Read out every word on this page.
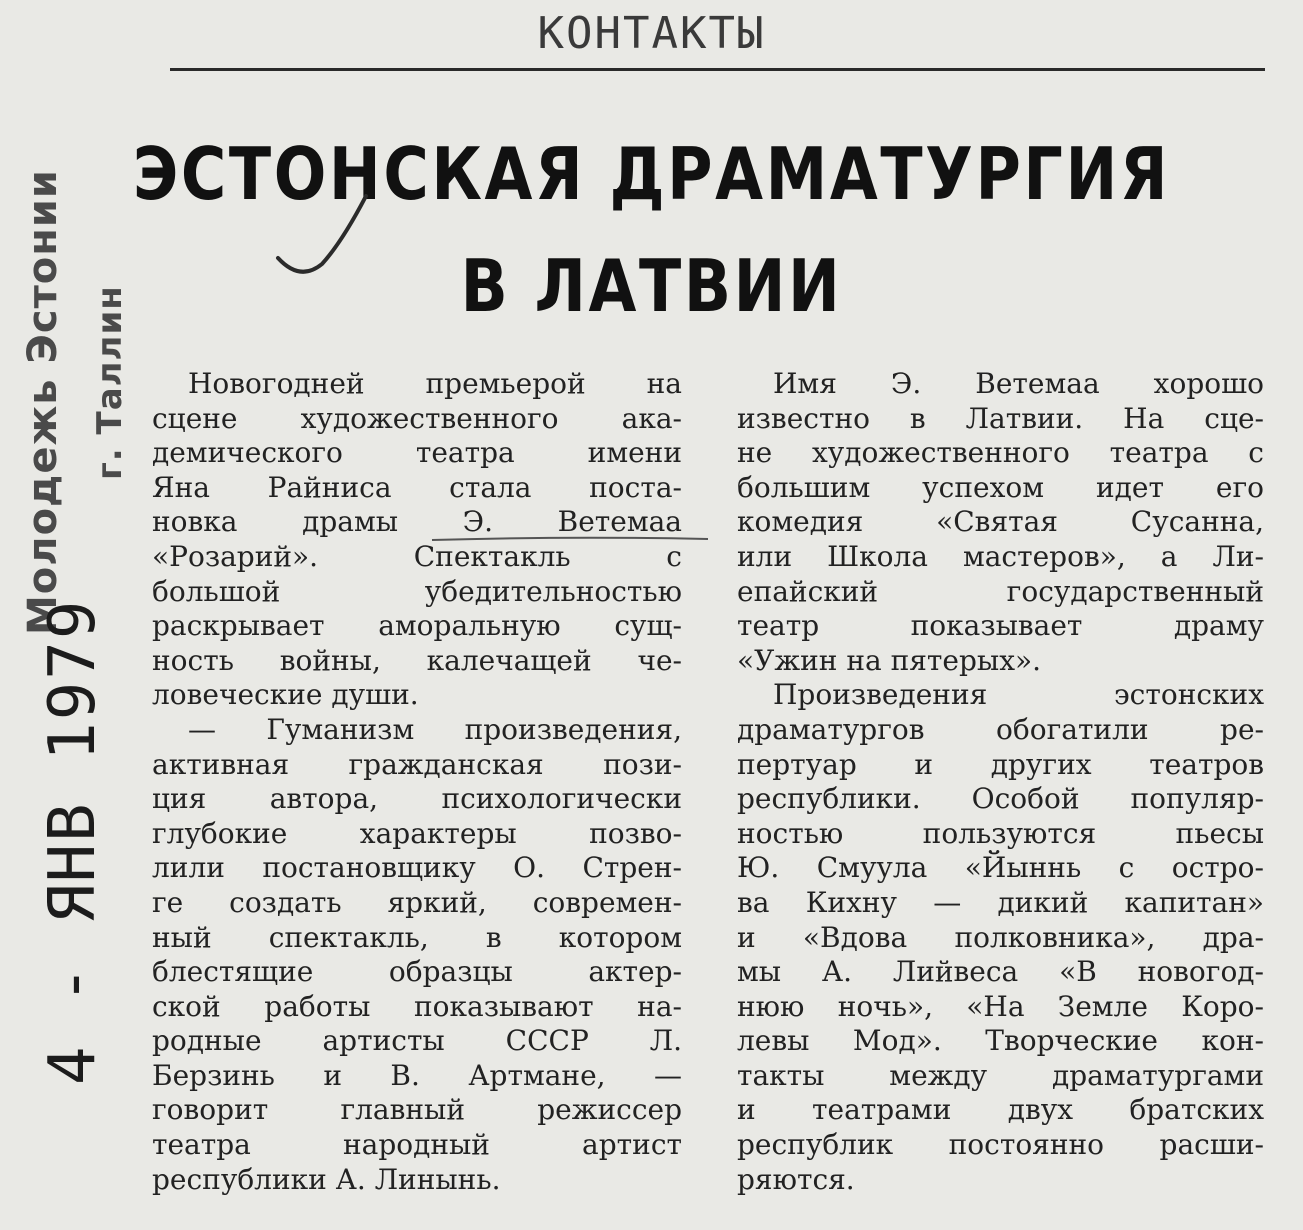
КОНТАКТЫ
ЭСТОНСКАЯ ДРАМАТУРГИЯ
В ЛАТВИИ
Молодежь Эстонии г. Таллин
4 - ЯНВ 1979
Новогодней премьерой на
сцене художественного ака-
демического театра имени
Яна Райниса стала поста-
новка драмы Э. Ветемаа
«Розарий». Спектакль с
большой убедительностью
раскрывает аморальную сущ-
ность войны, калечащей че-
ловеческие души.
— Гуманизм произведения,
активная гражданская пози-
ция автора, психологически
глубокие характеры позво-
лили постановщику О. Стрен-
ге создать яркий, современ-
ный спектакль, в котором
блестящие образцы актер-
ской работы показывают на-
родные артисты СССР Л.
Берзинь и В. Артмане, —
говорит главный режиссер
театра народный артист
республики А. Линынь.
Имя Э. Ветемаа хорошо
известно в Латвии. На сце-
не художественного театра с
большим успехом идет его
комедия «Святая Сусанна,
или Школа мастеров», а Ли-
епайский государственный
театр показывает драму
«Ужин на пятерых».
Произведения эстонских
драматургов обогатили ре-
пертуар и других театров
республики. Особой популяр-
ностью пользуются пьесы
Ю. Смуула «Йыннь с остро-
ва Кихну — дикий капитан»
и «Вдова полковника», дра-
мы А. Лийвеса «В новогод-
нюю ночь», «На Земле Коро-
левы Мод». Творческие кон-
такты между драматургами
и театрами двух братских
республик постоянно расши-
ряются.
